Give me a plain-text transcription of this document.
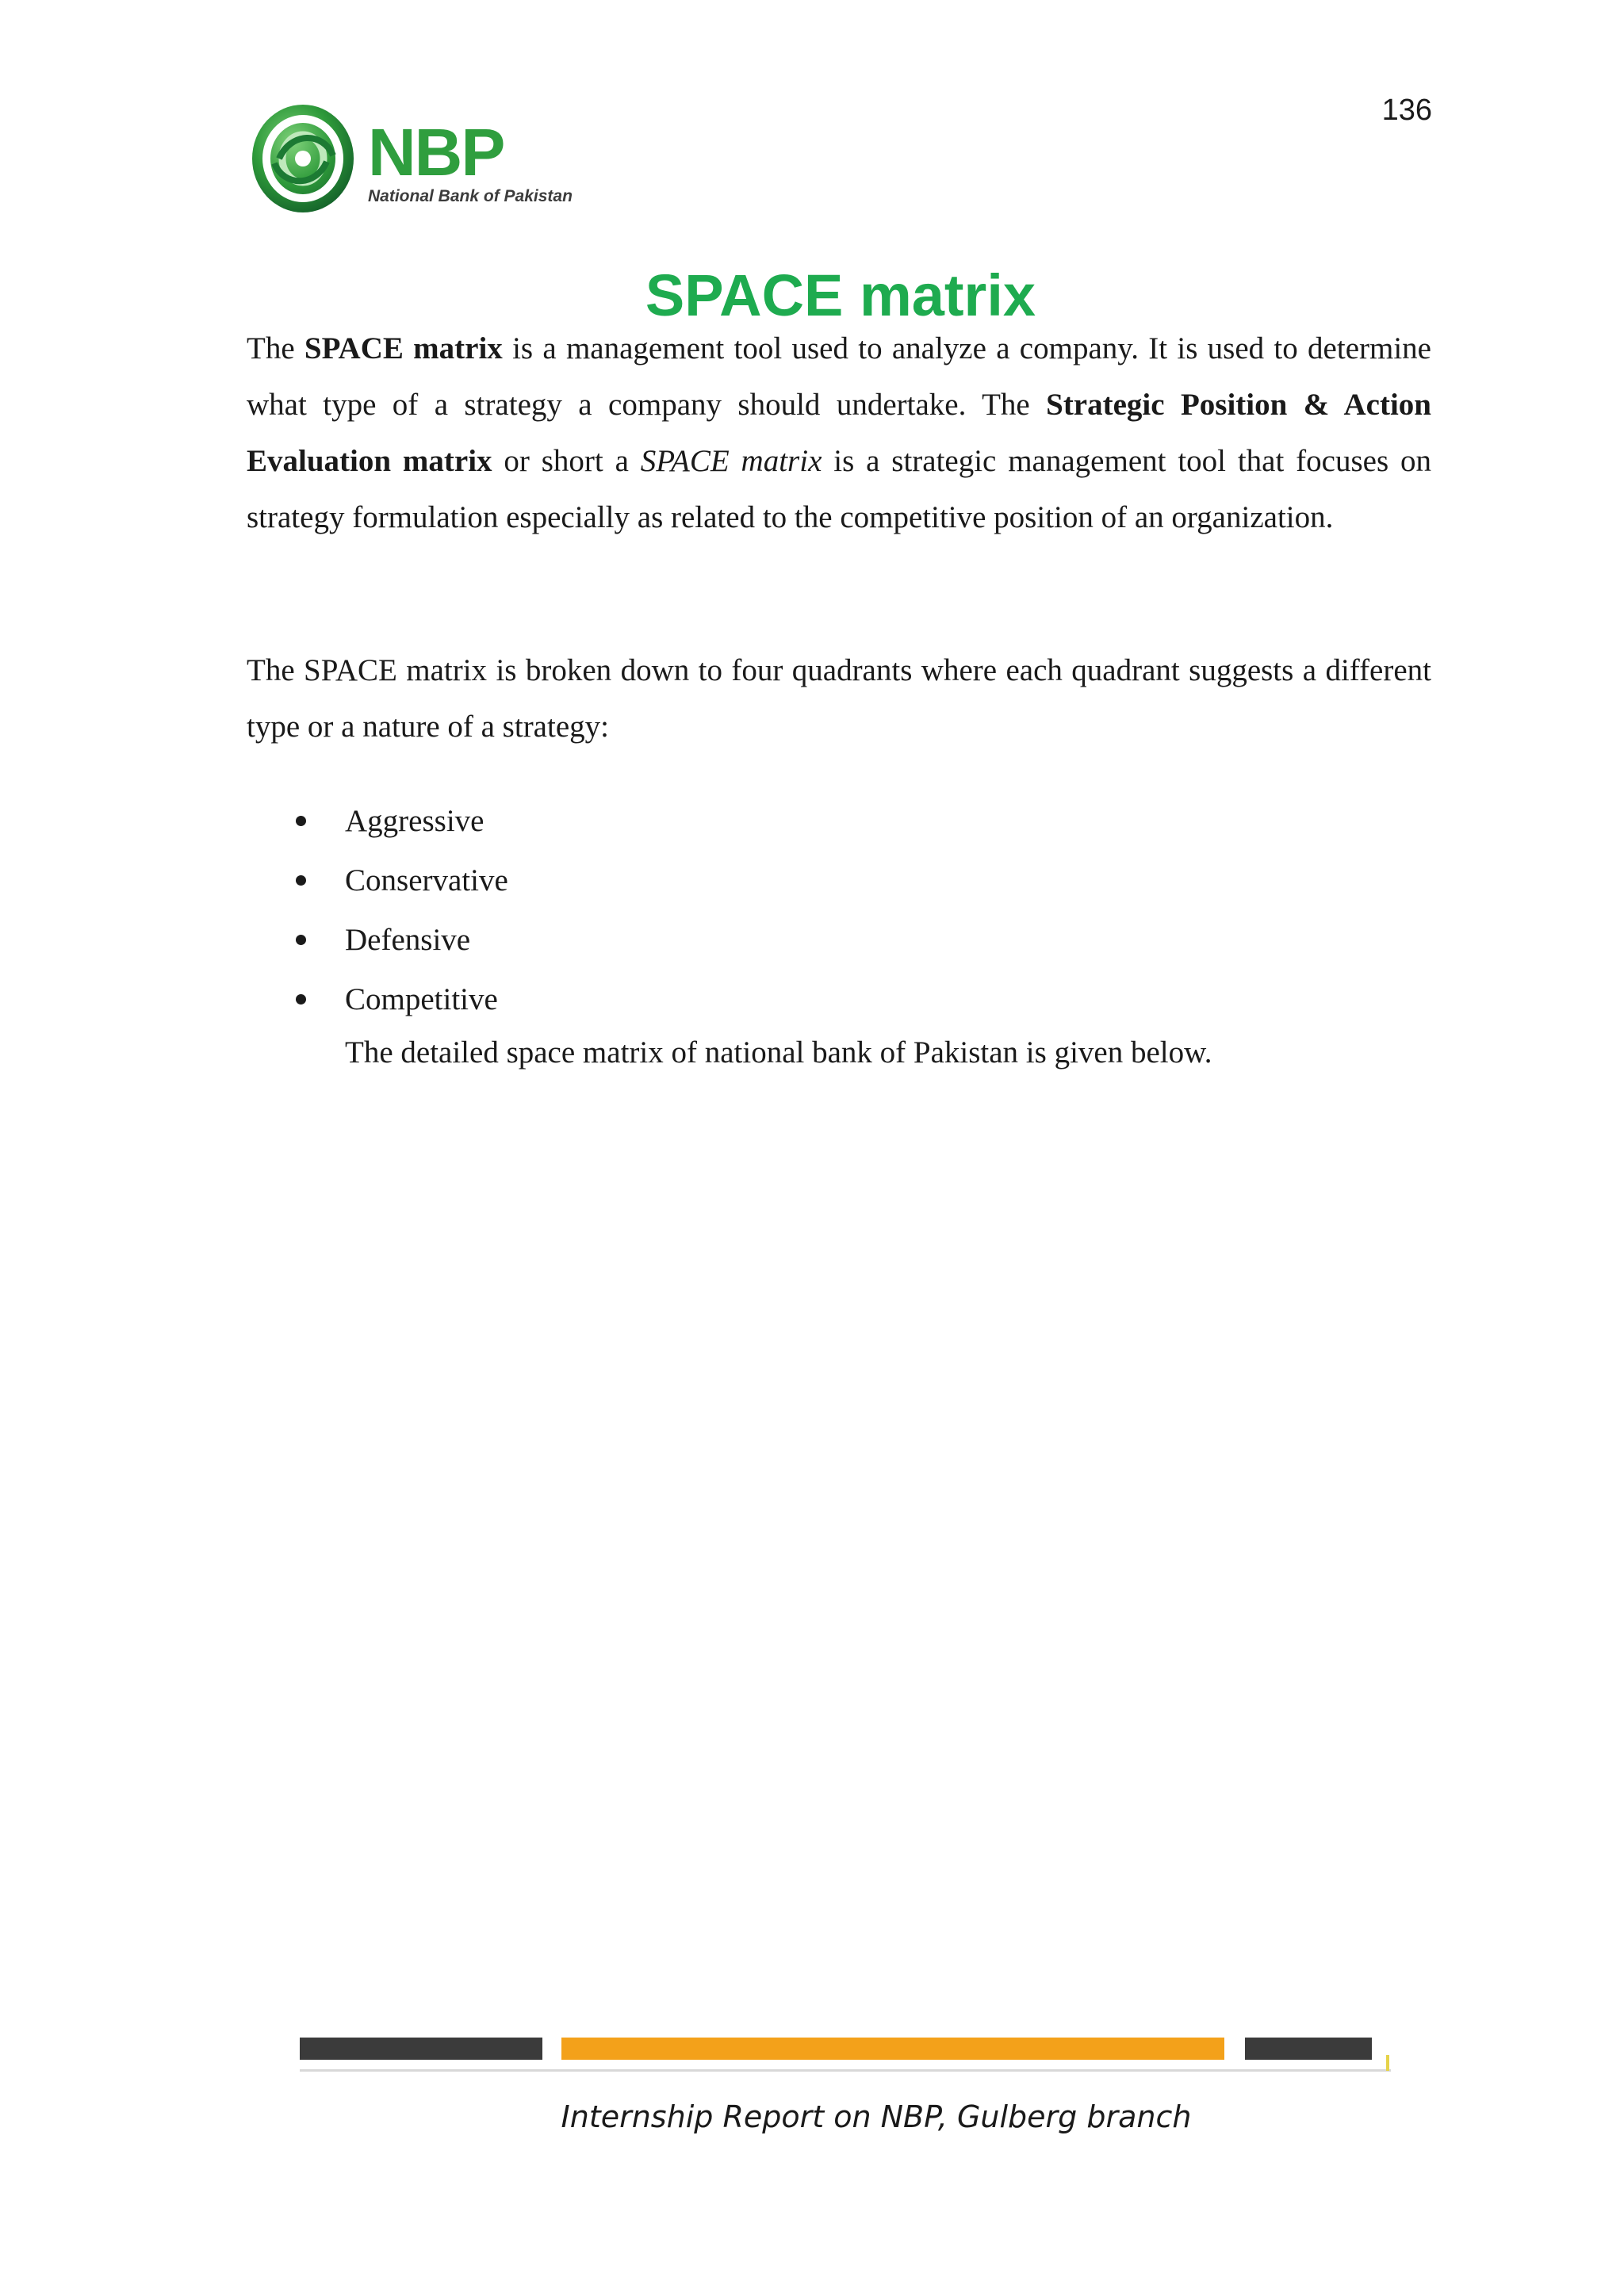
136
NBP
National Bank of Pakistan
SPACE matrix
The SPACE matrix is a management tool used to analyze a company. It is used to determine what type of a strategy a company should undertake. The Strategic Position & Action Evaluation matrix or short a SPACE matrix is a strategic management tool that focuses on strategy formulation especially as related to the competitive position of an organization.
The SPACE matrix is broken down to four quadrants where each quadrant suggests a different type or a nature of a strategy:
Aggressive
Conservative
Defensive
Competitive
The detailed space matrix of national bank of Pakistan is given below.
Internship Report on NBP, Gulberg branch
